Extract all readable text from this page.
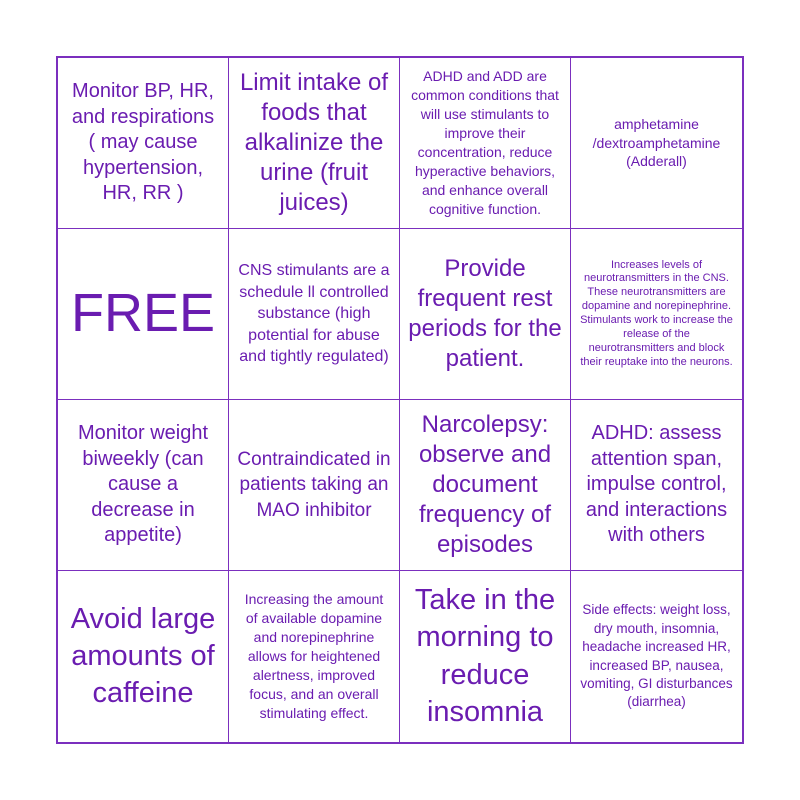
Monitor BP, HR, and respirations ( may cause hypertension, HR, RR )
Limit intake of foods that alkalinize the urine (fruit juices)
ADHD and ADD are common conditions that will use stimulants to improve their concentration, reduce hyperactive behaviors, and enhance overall cognitive function.
amphetamine /dextroamphetamine (Adderall)
FREE
CNS stimulants are a schedule ll controlled substance (high potential for abuse and tightly regulated)
Provide frequent rest periods for the patient.
Increases levels of neurotransmitters in the CNS. These neurotransmitters are dopamine and norepinephrine. Stimulants work to increase the release of the neurotransmitters and block their reuptake into the neurons.
Monitor weight biweekly (can cause a decrease in appetite)
Contraindicated in patients taking an MAO inhibitor
Narcolepsy: observe and document frequency of episodes
ADHD: assess attention span, impulse control, and interactions with others
Avoid large amounts of caffeine
Increasing the amount of available dopamine and norepinephrine allows for heightened alertness, improved focus, and an overall stimulating effect.
Take in the morning to reduce insomnia
Side effects: weight loss, dry mouth, insomnia, headache increased HR, increased BP, nausea, vomiting, GI disturbances (diarrhea)
